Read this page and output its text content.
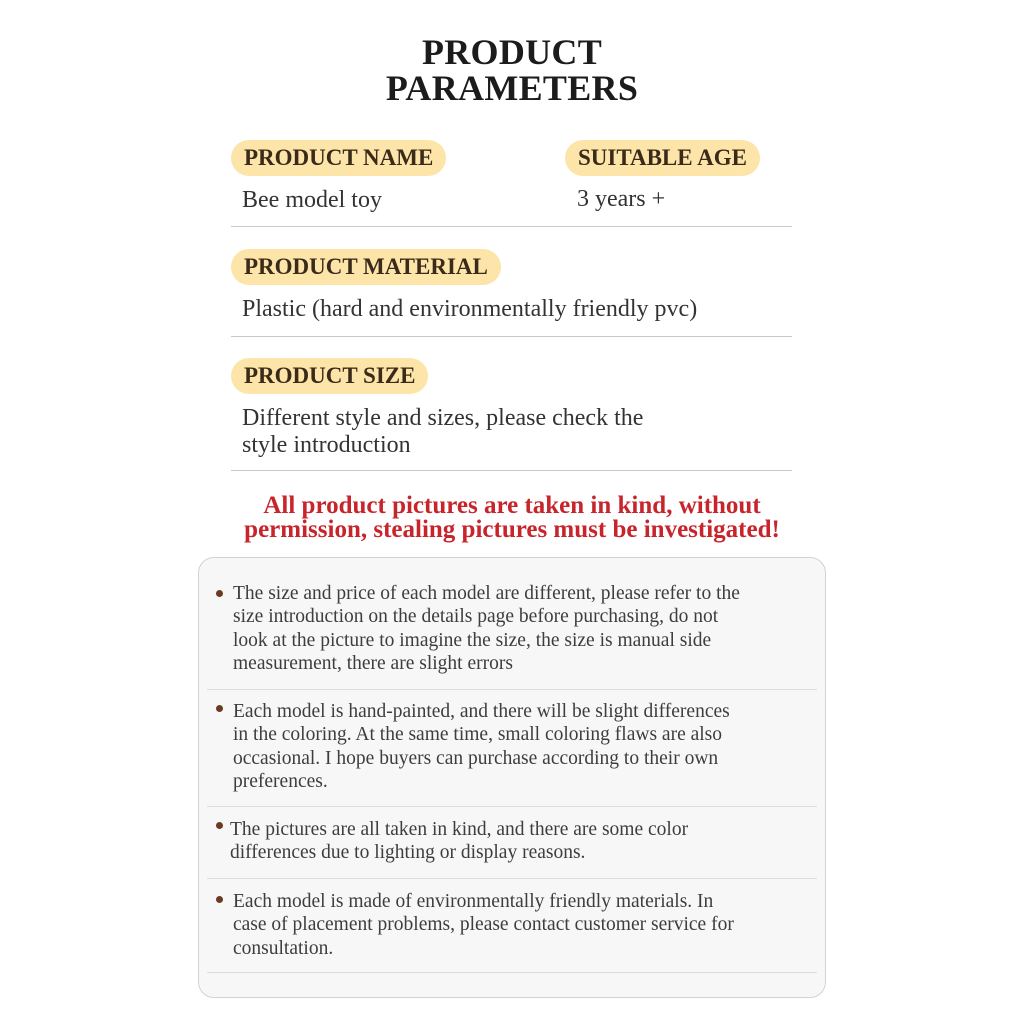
PRODUCT
PARAMETERS
PRODUCT NAME
Bee model toy
SUITABLE AGE
3 years +
PRODUCT MATERIAL
Plastic (hard and environmentally friendly pvc)
PRODUCT SIZE
Different style and sizes, please check the
style introduction
All product pictures are taken in kind, without
permission, stealing pictures must be investigated!
The size and price of each model are different, please refer to the
size introduction on the details page before purchasing, do not
look at the picture to imagine the size, the size is manual side
measurement, there are slight errors
Each model is hand-painted, and there will be slight differences
in the coloring. At the same time, small coloring flaws are also
occasional. I hope buyers can purchase according to their own
preferences.
The pictures are all taken in kind, and there are some color
differences due to lighting or display reasons.
Each model is made of environmentally friendly materials. In
case of placement problems, please contact customer service for
consultation.
